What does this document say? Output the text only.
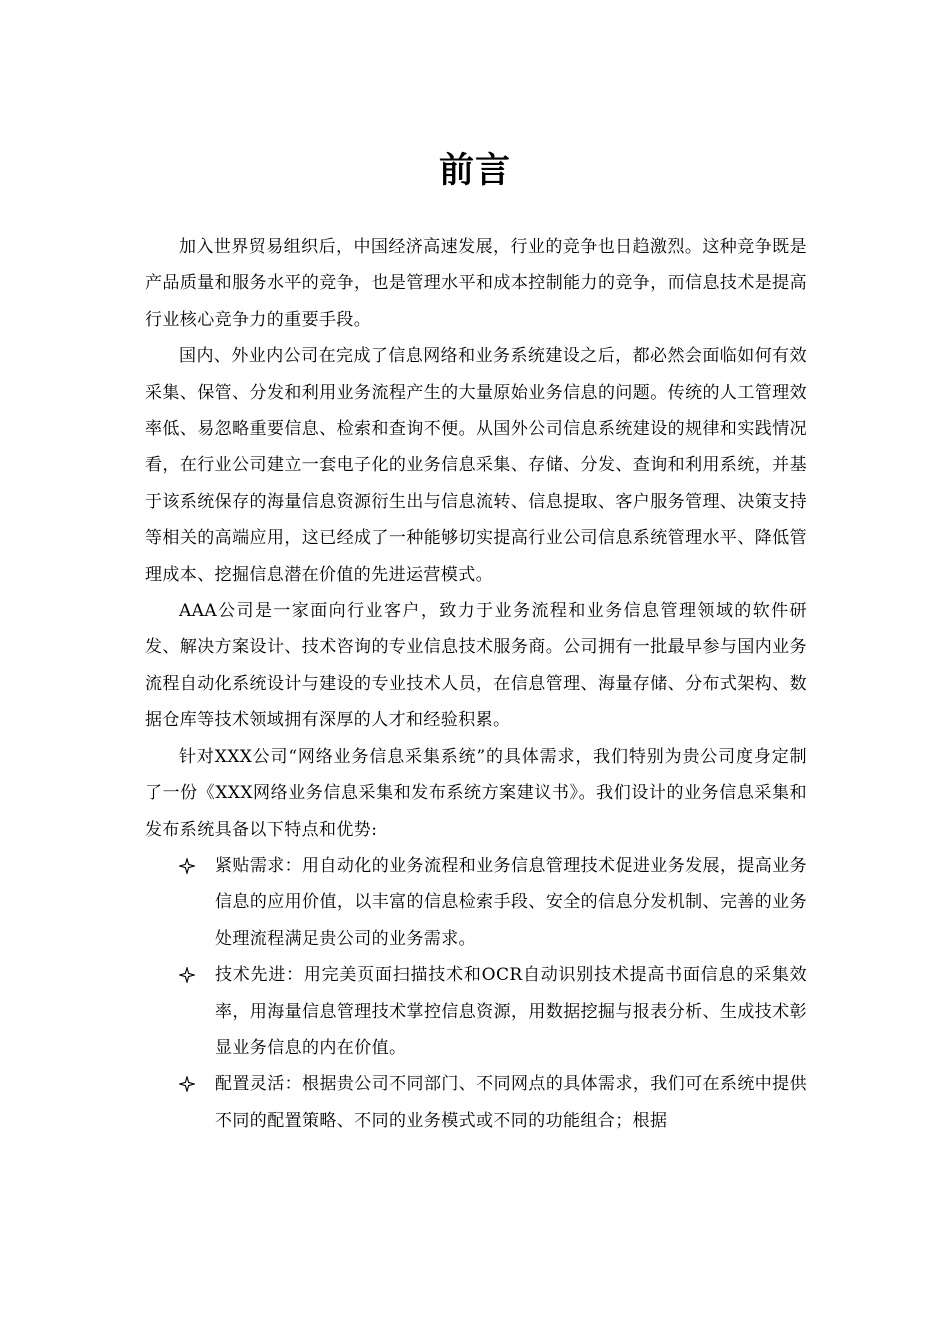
前言

加入世界贸易组织后，中国经济高速发展，行业的竞争也日趋激烈。这种竞争既是产品质量和服务水平的竞争，也是管理水平和成本控制能力的竞争，而信息技术是提高行业核心竞争力的重要手段。

国内、外业内公司在完成了信息网络和业务系统建设之后，都必然会面临如何有效采集、保管、分发和利用业务流程产生的大量原始业务信息的问题。传统的人工管理效率低、易忽略重要信息、检索和查询不便。从国外公司信息系统建设的规律和实践情况看，在行业公司建立一套电子化的业务信息采集、存储、分发、查询和利用系统，并基于该系统保存的海量信息资源衍生出与信息流转、信息提取、客户服务管理、决策支持等相关的高端应用，这已经成了一种能够切实提高行业公司信息系统管理水平、降低管理成本、挖掘信息潜在价值的先进运营模式。

AAA公司是一家面向行业客户，致力于业务流程和业务信息管理领域的软件研发、解决方案设计、技术咨询的专业信息技术服务商。公司拥有一批最早参与国内业务流程自动化系统设计与建设的专业技术人员，在信息管理、海量存储、分布式架构、数据仓库等技术领域拥有深厚的人才和经验积累。

针对XXX公司“网络业务信息采集系统”的具体需求，我们特别为贵公司度身定制了一份《XXX网络业务信息采集和发布系统方案建议书》。我们设计的业务信息采集和发布系统具备以下特点和优势:

紧贴需求：用自动化的业务流程和业务信息管理技术促进业务发展，提高业务信息的应用价值，以丰富的信息检索手段、安全的信息分发机制、完善的业务处理流程满足贵公司的业务需求。
技术先进：用完美页面扫描技术和OCR自动识别技术提高书面信息的采集效率，用海量信息管理技术掌控信息资源，用数据挖掘与报表分析、生成技术彰显业务信息的内在价值。
配置灵活：根据贵公司不同部门、不同网点的具体需求，我们可在系统中提供不同的配置策略、不同的业务模式或不同的功能组合；根据
